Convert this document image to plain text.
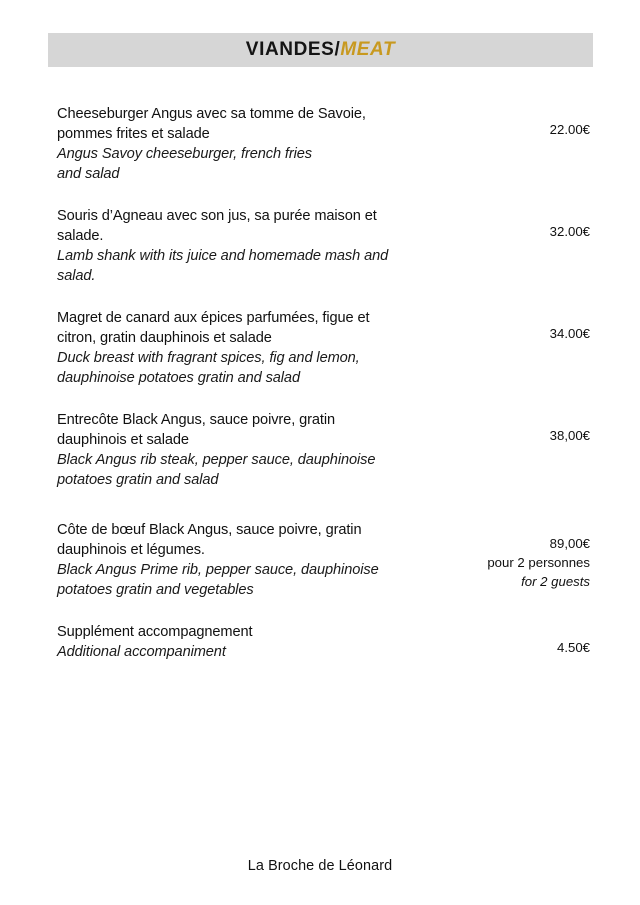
VIANDES/MEAT
Cheeseburger Angus avec sa tomme de Savoie,
pommes frites et salade
Angus Savoy cheeseburger, french fries
and salad
22.00€
Souris d’Agneau avec son jus, sa purée maison et
salade.
Lamb shank with its juice and homemade mash and
salad.
32.00€
Magret de canard aux épices parfumées, figue et
citron, gratin dauphinois et salade
Duck breast with fragrant spices, fig and lemon,
dauphinoise potatoes gratin and salad
34.00€
Entrecôte Black Angus, sauce poivre, gratin
dauphinois et salade
Black Angus rib steak, pepper sauce, dauphinoise
potatoes gratin and salad
38,00€
Côte de bœuf Black Angus, sauce poivre, gratin
dauphinois et légumes.
Black Angus Prime rib, pepper sauce, dauphinoise
potatoes gratin and vegetables
89,00€
pour 2 personnes
for 2 guests
Supplément accompagnement
Additional accompaniment	4.50€
La Broche de Léonard
